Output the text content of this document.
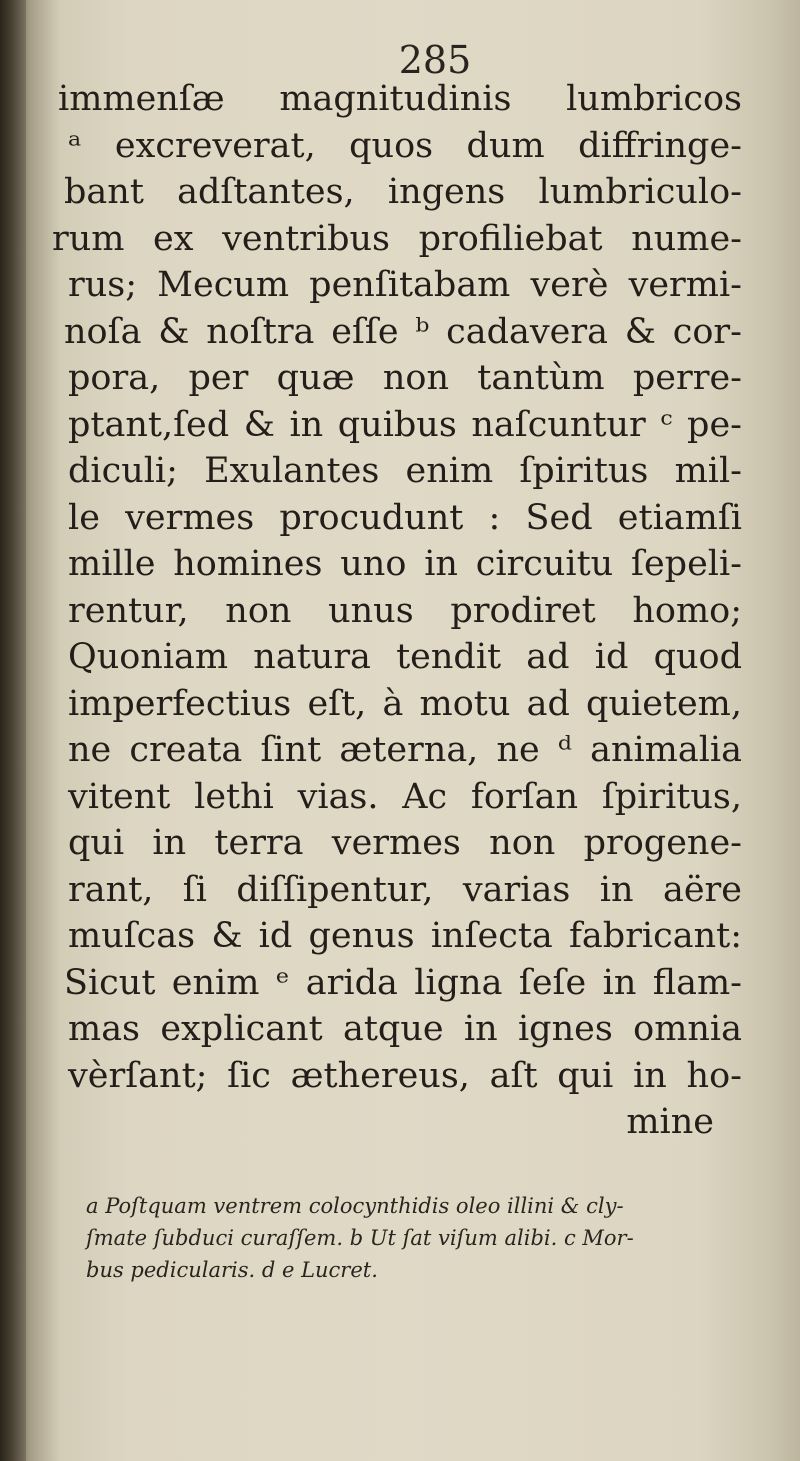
285
immenſæ magnitudinis lumbricos
ᵃ excreverat, quos dum diffringe-
bant adſtantes, ingens lumbriculo-
rum ex ventribus profiliebat nume-
rus; Mecum penſitabam verè vermi-
noſa & noſtra eſſe ᵇ cadavera & cor-
pora, per quæ non tantùm perre-
ptant,ſed & in quibus naſcuntur ᶜ pe-
diculi; Exulantes enim ſpiritus mil-
le vermes procudunt : Sed etiamſi
mille homines uno in circuitu ſepeli-
rentur, non unus prodiret homo;
Quoniam natura tendit ad id quod
imperfectius eſt, à motu ad quietem,
ne creata ſint æterna, ne ᵈ animalia
vitent lethi vias. Ac forſan ſpiritus,
qui in terra vermes non progene-
rant, ſi diſſipentur, varias in aëre
muſcas & id genus inſecta fabricant:
Sicut enim ᵉ arida ligna ſeſe in flam-
mas explicant atque in ignes omnia
vèrſant; ſic æthereus, aſt qui in ho-
mine
a Poſtquam ventrem colocynthidis oleo illini & cly-
ſmate ſubduci curaſſem. b Ut ſat viſum alibi. c Mor-
bus pedicularis. d e Lucret.
